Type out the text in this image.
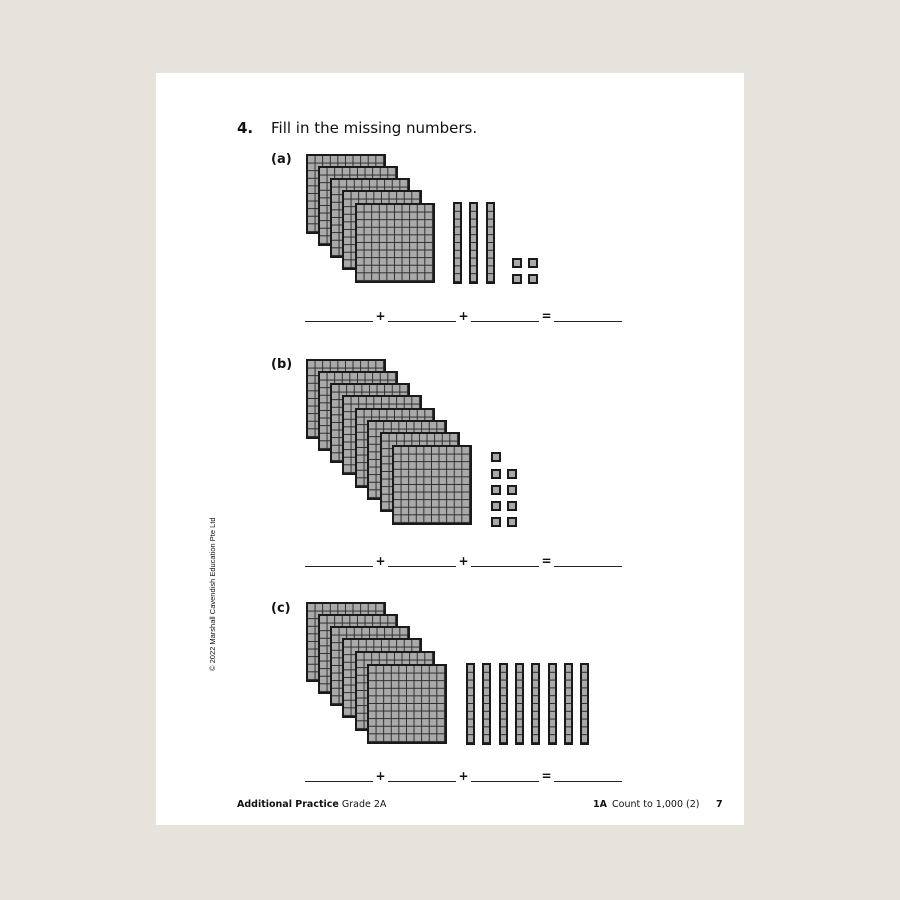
4. Fill in the missing numbers.
(a)
+	+	=
(b)
+	+	=
(c)
+	+	=
© 2022 Marshall Cavendish Education Pte Ltd
Additional Practice Grade 2A	1A Count to 1,000 (2) 7
